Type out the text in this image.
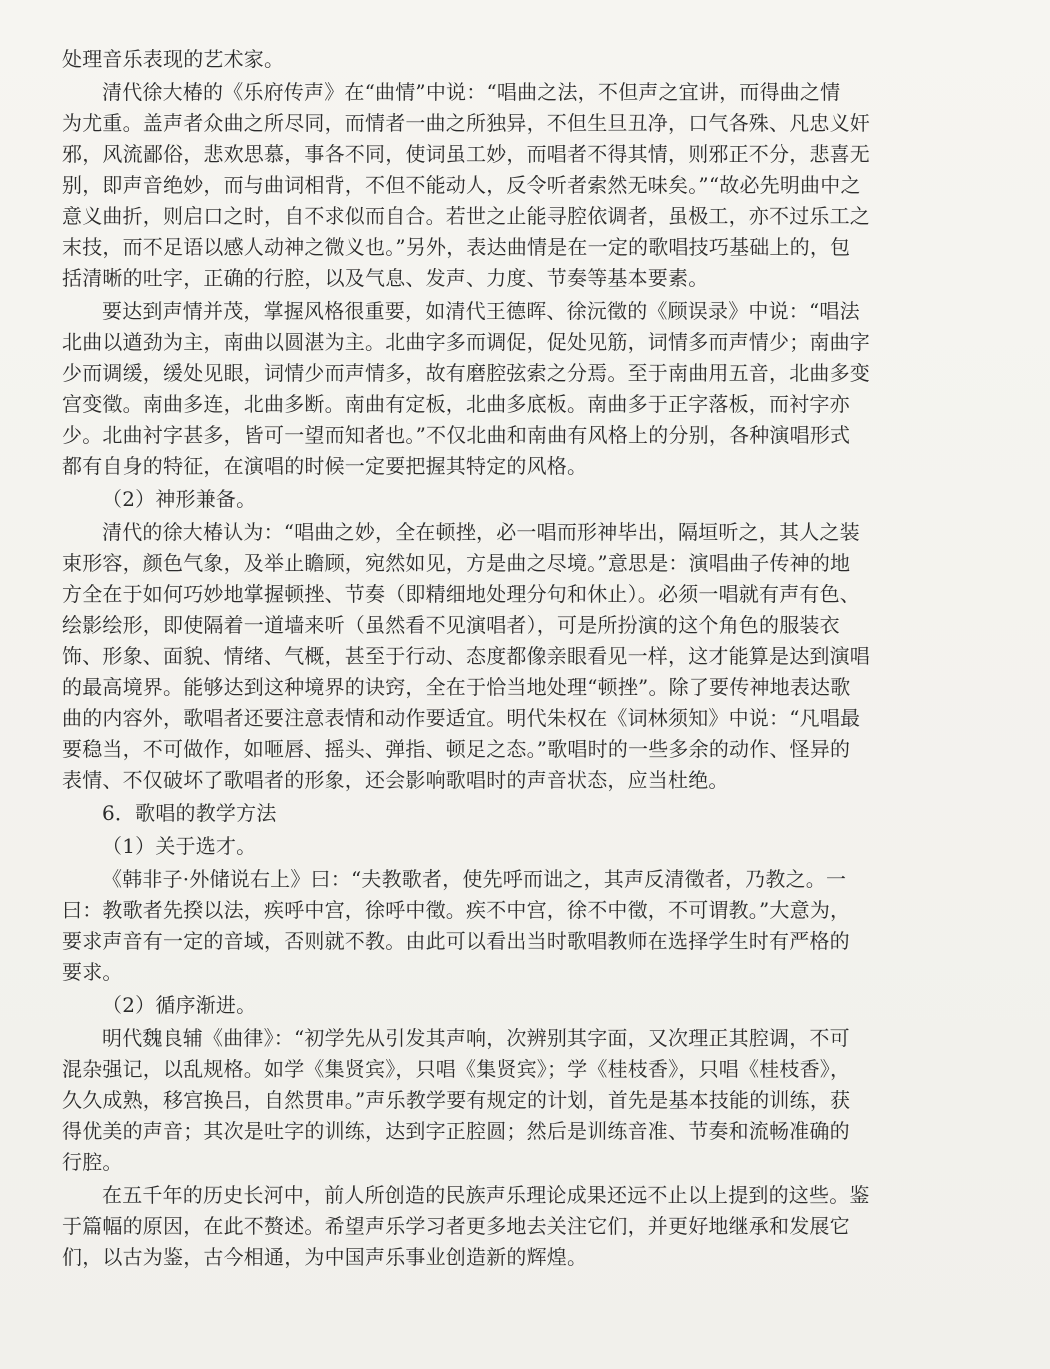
处理音乐表现的艺术家。

清代徐大椿的《乐府传声》在“曲情”中说：“唱曲之法，不但声之宜讲，而得曲之情

为尤重。盖声者众曲之所尽同，而情者一曲之所独异，不但生旦丑净，口气各殊、凡忠义奸

邪，风流鄙俗，悲欢思慕，事各不同，使词虽工妙，而唱者不得其情，则邪正不分，悲喜无

别，即声音绝妙，而与曲词相背，不但不能动人，反令听者索然无味矣。”“故必先明曲中之

意义曲折，则启口之时，自不求似而自合。若世之止能寻腔依调者，虽极工，亦不过乐工之

末技，而不足语以感人动神之微义也。”另外，表达曲情是在一定的歌唱技巧基础上的，包

括清晰的吐字，正确的行腔，以及气息、发声、力度、节奏等基本要素。

要达到声情并茂，掌握风格很重要，如清代王德晖、徐沅徵的《顾误录》中说：“唱法

北曲以遒劲为主，南曲以圆湛为主。北曲字多而调促，促处见筋，词情多而声情少；南曲字

少而调缓，缓处见眼，词情少而声情多，故有磨腔弦索之分焉。至于南曲用五音，北曲多变

宫变徵。南曲多连，北曲多断。南曲有定板，北曲多底板。南曲多于正字落板，而衬字亦

少。北曲衬字甚多，皆可一望而知者也。”不仅北曲和南曲有风格上的分别，各种演唱形式

都有自身的特征，在演唱的时候一定要把握其特定的风格。

（2）神形兼备。

清代的徐大椿认为：“唱曲之妙，全在顿挫，必一唱而形神毕出，隔垣听之，其人之装

束形容，颜色气象，及举止瞻顾，宛然如见，方是曲之尽境。”意思是：演唱曲子传神的地

方全在于如何巧妙地掌握顿挫、节奏（即精细地处理分句和休止）。必须一唱就有声有色、

绘影绘形，即使隔着一道墙来听（虽然看不见演唱者），可是所扮演的这个角色的服装衣

饰、形象、面貌、情绪、气概，甚至于行动、态度都像亲眼看见一样，这才能算是达到演唱

的最高境界。能够达到这种境界的诀窍，全在于恰当地处理“顿挫”。除了要传神地表达歌

曲的内容外，歌唱者还要注意表情和动作要适宜。明代朱权在《词林须知》中说：“凡唱最

要稳当，不可做作，如咂唇、摇头、弹指、顿足之态。”歌唱时的一些多余的动作、怪异的

表情、不仅破坏了歌唱者的形象，还会影响歌唱时的声音状态，应当杜绝。

6．歌唱的教学方法

（1）关于选才。

《韩非子·外储说右上》曰：“夫教歌者，使先呼而诎之，其声反清徵者，乃教之。一

曰：教歌者先揆以法，疾呼中宫，徐呼中徵。疾不中宫，徐不中徵，不可谓教。”大意为，

要求声音有一定的音域，否则就不教。由此可以看出当时歌唱教师在选择学生时有严格的

要求。

（2）循序渐进。

明代魏良辅《曲律》：“初学先从引发其声响，次辨别其字面，又次理正其腔调，不可

混杂强记，以乱规格。如学《集贤宾》，只唱《集贤宾》；学《桂枝香》，只唱《桂枝香》，

久久成熟，移宫换吕，自然贯串。”声乐教学要有规定的计划，首先是基本技能的训练，获

得优美的声音；其次是吐字的训练，达到字正腔圆；然后是训练音准、节奏和流畅准确的

行腔。

在五千年的历史长河中，前人所创造的民族声乐理论成果还远不止以上提到的这些。鉴

于篇幅的原因，在此不赘述。希望声乐学习者更多地去关注它们，并更好地继承和发展它

们，以古为鉴，古今相通，为中国声乐事业创造新的辉煌。
